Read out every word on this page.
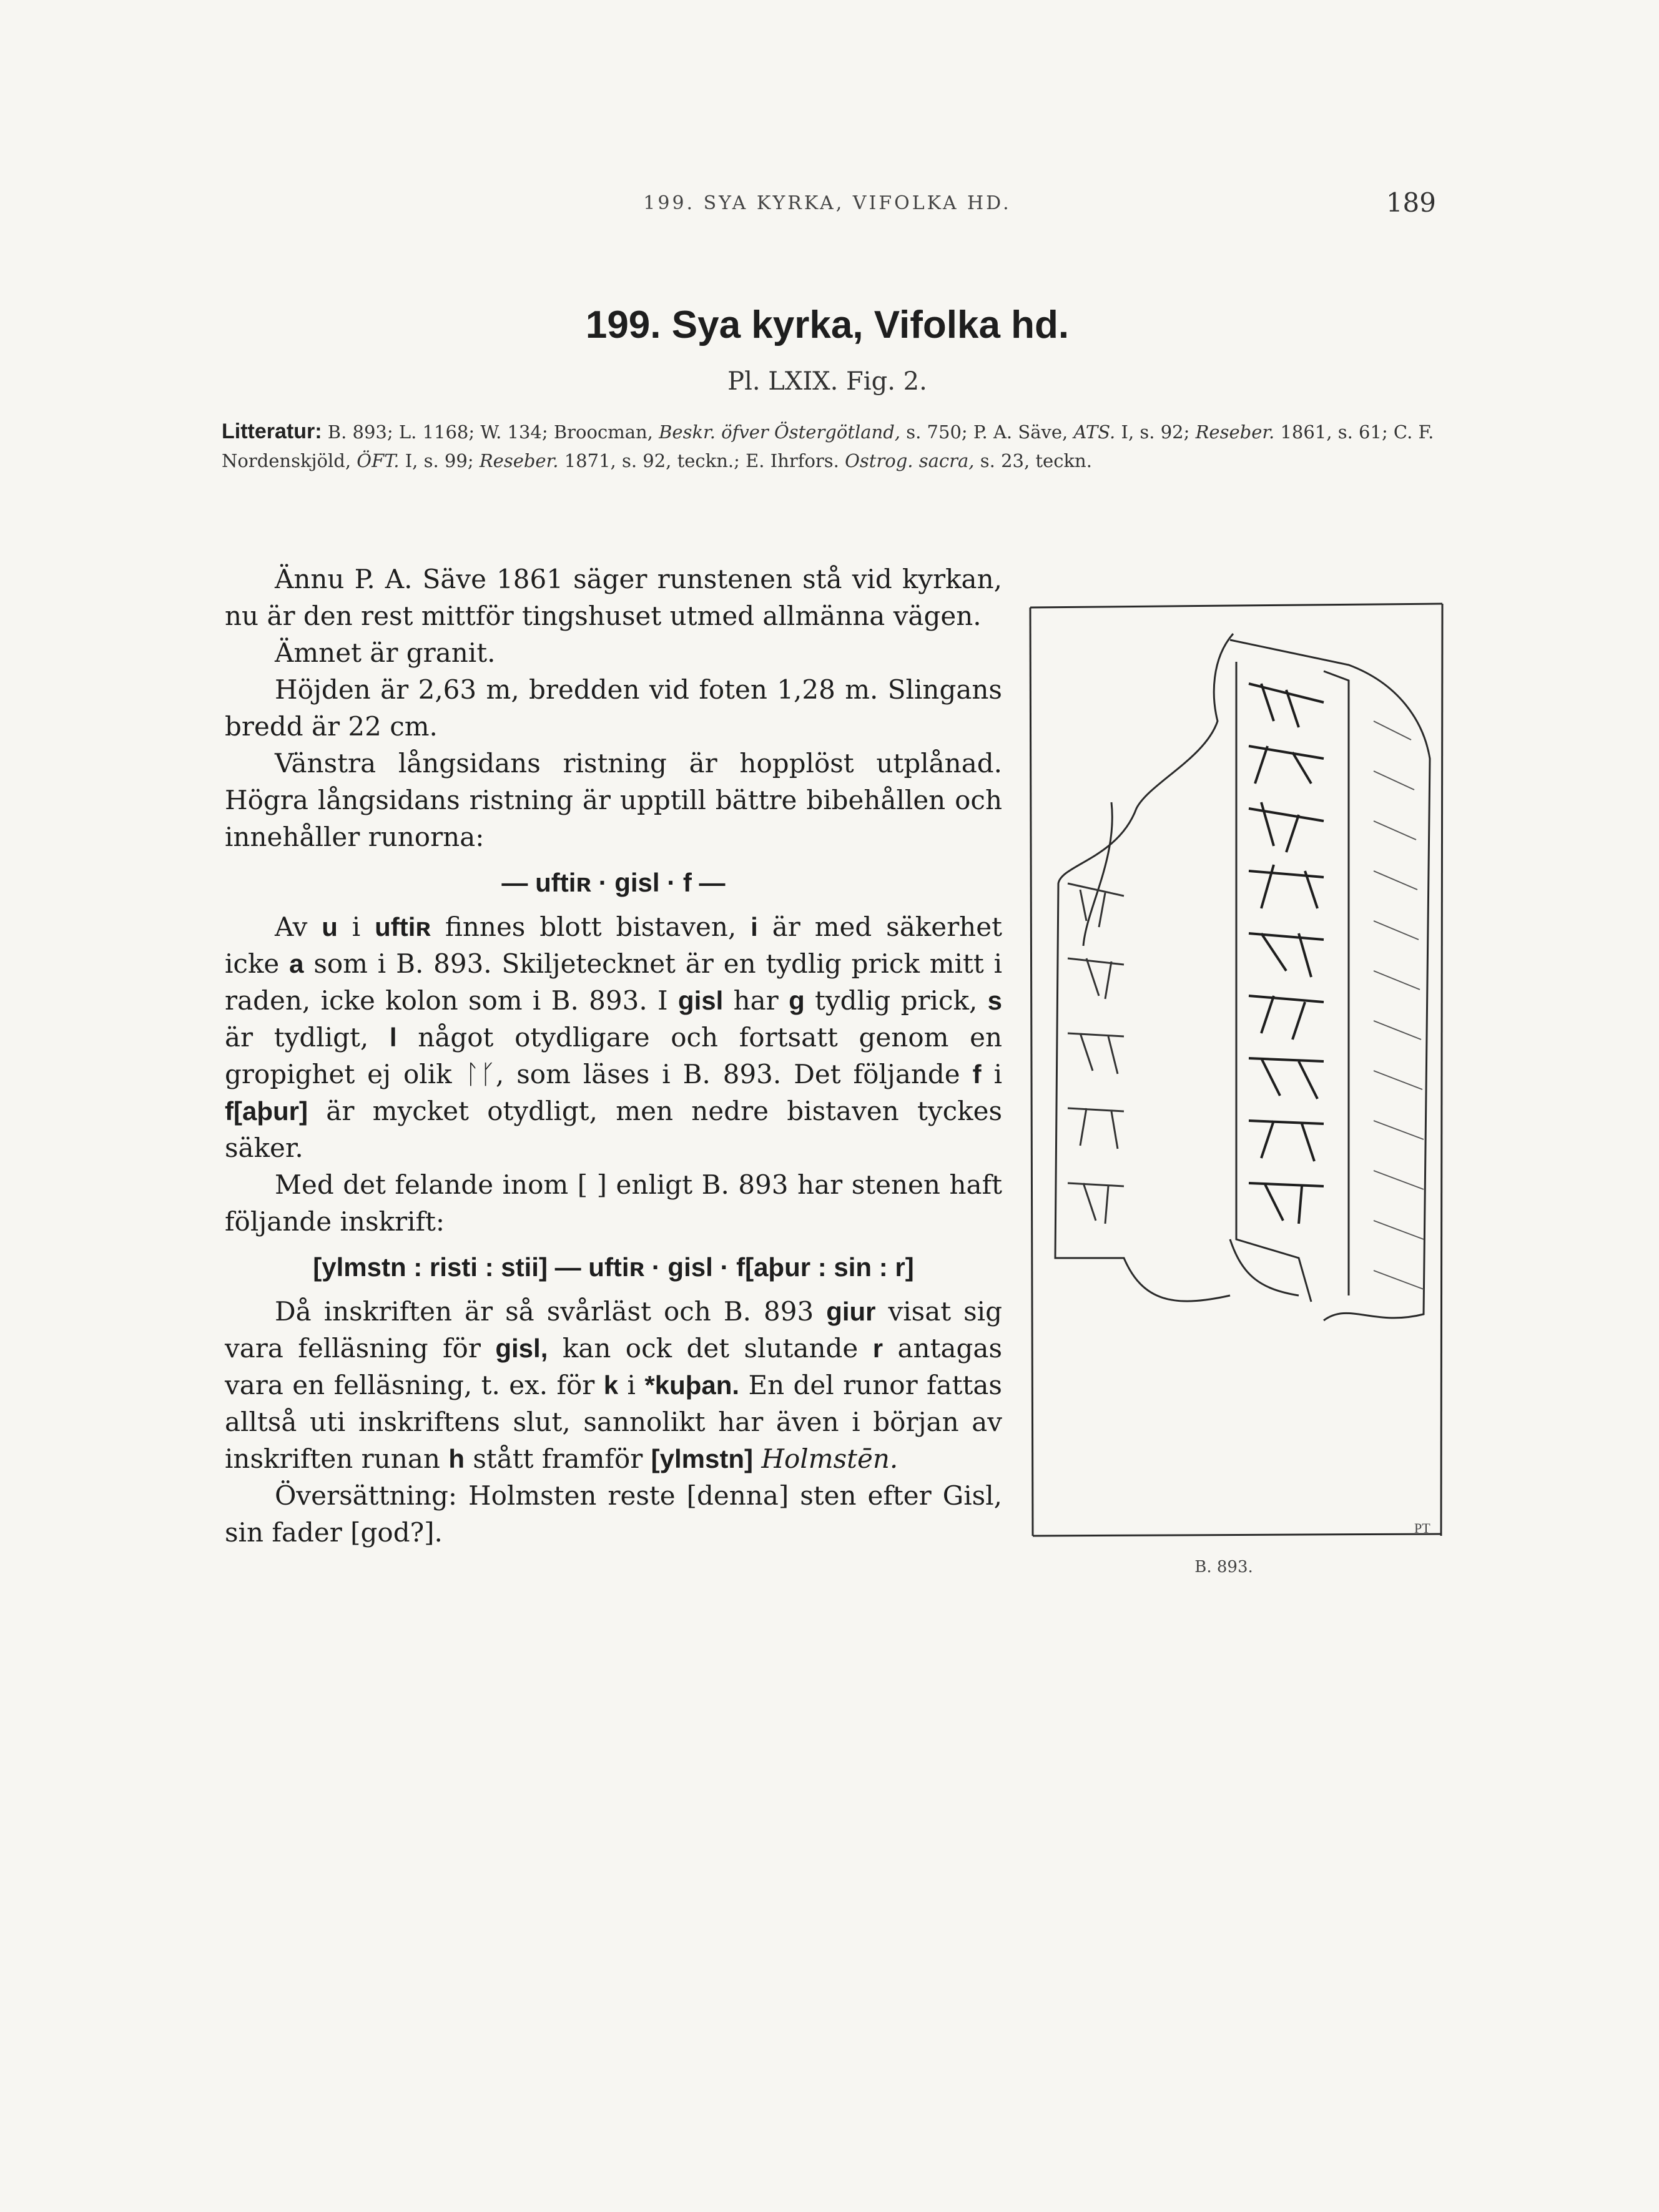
199. SYA KYRKA, VIFOLKA HD.	189
199. Sya kyrka, Vifolka hd.
Pl. LXIX. Fig. 2.
Litteratur: B. 893; L. 1168; W. 134; Broocman, Beskr. öfver Östergötland, s. 750; P. A. Säve, ATS. I, s. 92; Reseber. 1861, s. 61; C. F. Nordenskjöld, ÖFT. I, s. 99; Reseber. 1871, s. 92, teckn.; E. Ihrfors. Ostrog. sacra, s. 23, teckn.

Ännu P. A. Säve 1861 säger runstenen stå vid kyrkan, nu är den rest mittför tingshuset utmed allmänna vägen.

Ämnet är granit.

Höjden är 2,63 m, bredden vid foten 1,28 m. Slingans bredd är 22 cm.

Vänstra långsidans ristning är hopplöst utplånad. Högra långsidans ristning är upptill bättre bibehållen och innehåller runorna:

— uftiʀ · gisl · f —

Av u i uftiʀ finnes blott bistaven, i är med säkerhet icke a som i B. 893. Skiljetecknet är en tydlig prick mitt i raden, icke kolon som i B. 893. I gisl har g tydlig prick, s är tydligt, l något otydligare och fortsatt genom en gropighet ej olik ᛚᚴ, som läses i B. 893. Det följande f i f[aþur] är mycket otydligt, men nedre bistaven tyckes säker.

Med det felande inom [ ] enligt B. 893 har stenen haft följande inskrift:

[ylmstn : risti : stii] — uftiʀ · gisl · f[aþur : sin : r]

Då inskriften är så svårläst och B. 893 giur visat sig vara felläsning för gisl, kan ock det slutande r antagas vara en felläsning, t. ex. för k i *kuþan. En del runor fattas alltså uti inskriftens slut, sannolikt har även i början av inskriften runan h stått framför [ylmstn] Holmstēn.

Översättning: Holmsten reste [denna] sten efter Gisl, sin fader [god?].	PT
B. 893.
